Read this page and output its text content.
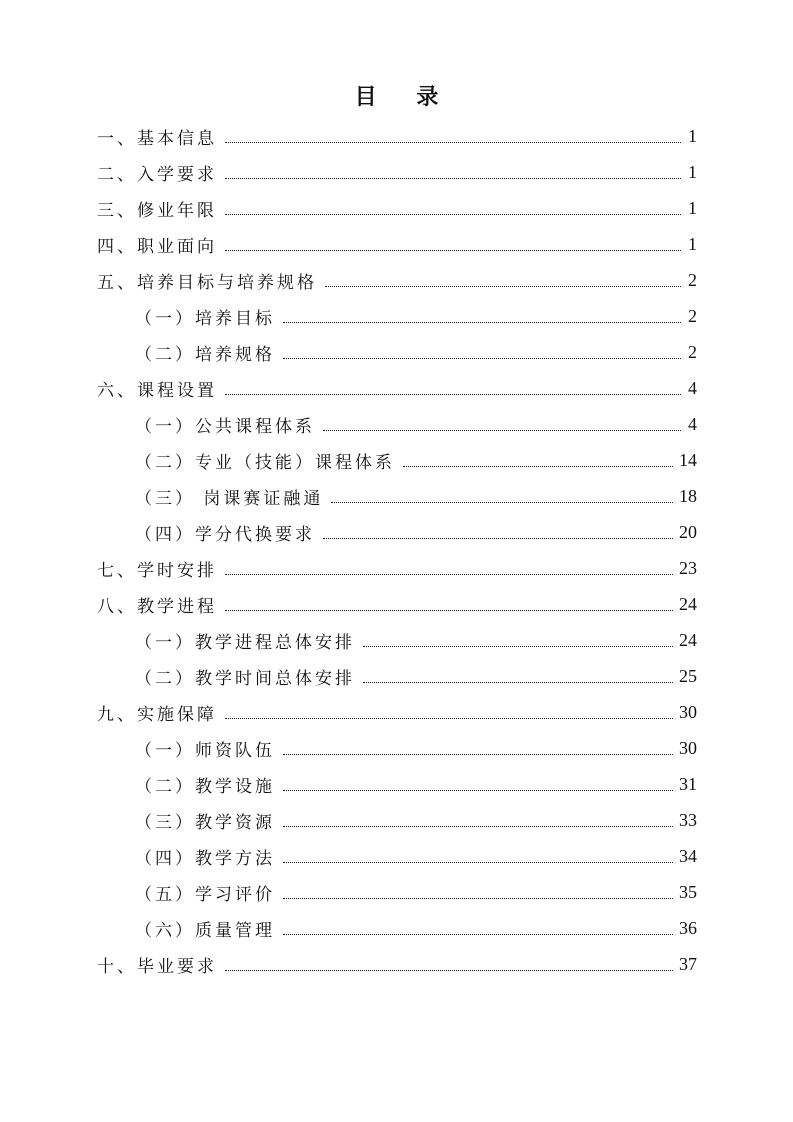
目 录
一、基本信息	1
二、入学要求	1
三、修业年限	1
四、职业面向	1
五、培养目标与培养规格	2
（一）培养目标	2
（二）培养规格	2
六、课程设置	4
（一）公共课程体系	4
（二）专业（技能）课程体系	14
（三） 岗课赛证融通	18
（四）学分代换要求	20
七、学时安排	23
八、教学进程	24
（一）教学进程总体安排	24
（二）教学时间总体安排	25
九、实施保障	30
（一）师资队伍	30
（二）教学设施	31
（三）教学资源	33
（四）教学方法	34
（五）学习评价	35
（六）质量管理	36
十、毕业要求	37
